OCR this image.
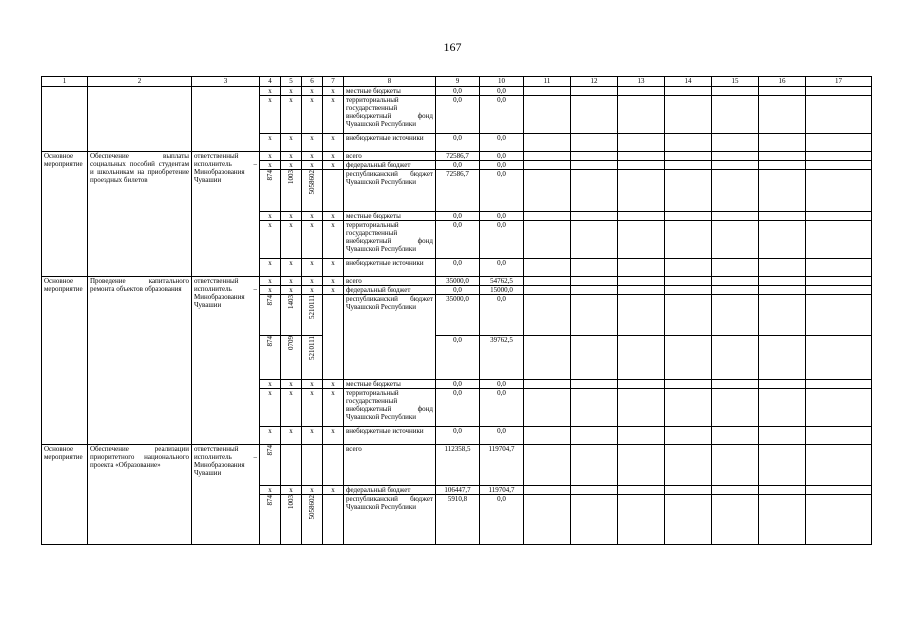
167
1	2	3	4	5	6	7	8	9	10	11	12	13	14	15	16	17
			x	x	x	x	местные бюджеты	0,0	0,0							
			x	x	x	x	территориальный государственный внебюджетный фонд Чувашской Республики	0,0	0,0							
			x	x	x	x	внебюджетные источники	0,0	0,0							
Основное мероприятие	Обеспечение выплаты социальных пособий студентам и школьникам на приобретение проездных билетов	ответственный исполнитель – Минобразования Чувашии	x	x	x	x	всего	72586,7	0,0							
			x	x	x	x	федеральный бюджет	0,0	0,0							

			874	1003	5058602		республиканский бюджет Чувашской Республики	72586,7	0,0							
			x	x	x	x	местные бюджеты	0,0	0,0							
			x	x	x	x	территориальный государственный внебюджетный фонд Чувашской Республики	0,0	0,0							
			x	x	x	x	внебюджетные источники	0,0	0,0							
Основное мероприятие	Проведение капитального ремонта объектов образования	ответственный исполнитель – Минобразования Чувашии	x	x	x	x	всего	35000,0	54762,5							
			x	x	x	x	федеральный бюджет	0,0	15000,0							

			874	1403	5210111		республиканский бюджет Чувашской Республики	35000,0	0,0							

			874	0709	5210111			0,0	39762,5							
			x	x	x	x	местные бюджеты	0,0	0,0							
			x	x	x	x	территориальный государственный внебюджетный фонд Чувашской Республики	0,0	0,0							
			x	x	x	x	внебюджетные источники	0,0	0,0							
Основное мероприятие	Обеспечение реализации приоритетного национального проекта «Образование»	ответственный исполнитель – Минобразования Чувашии	874				всего	112358,5	119704,7							
			x	x	x	x	федеральный бюджет	106447,7	119704,7							

			874	1003	5058602		республиканский бюджет Чувашской Республики	5910,8	0,0							
